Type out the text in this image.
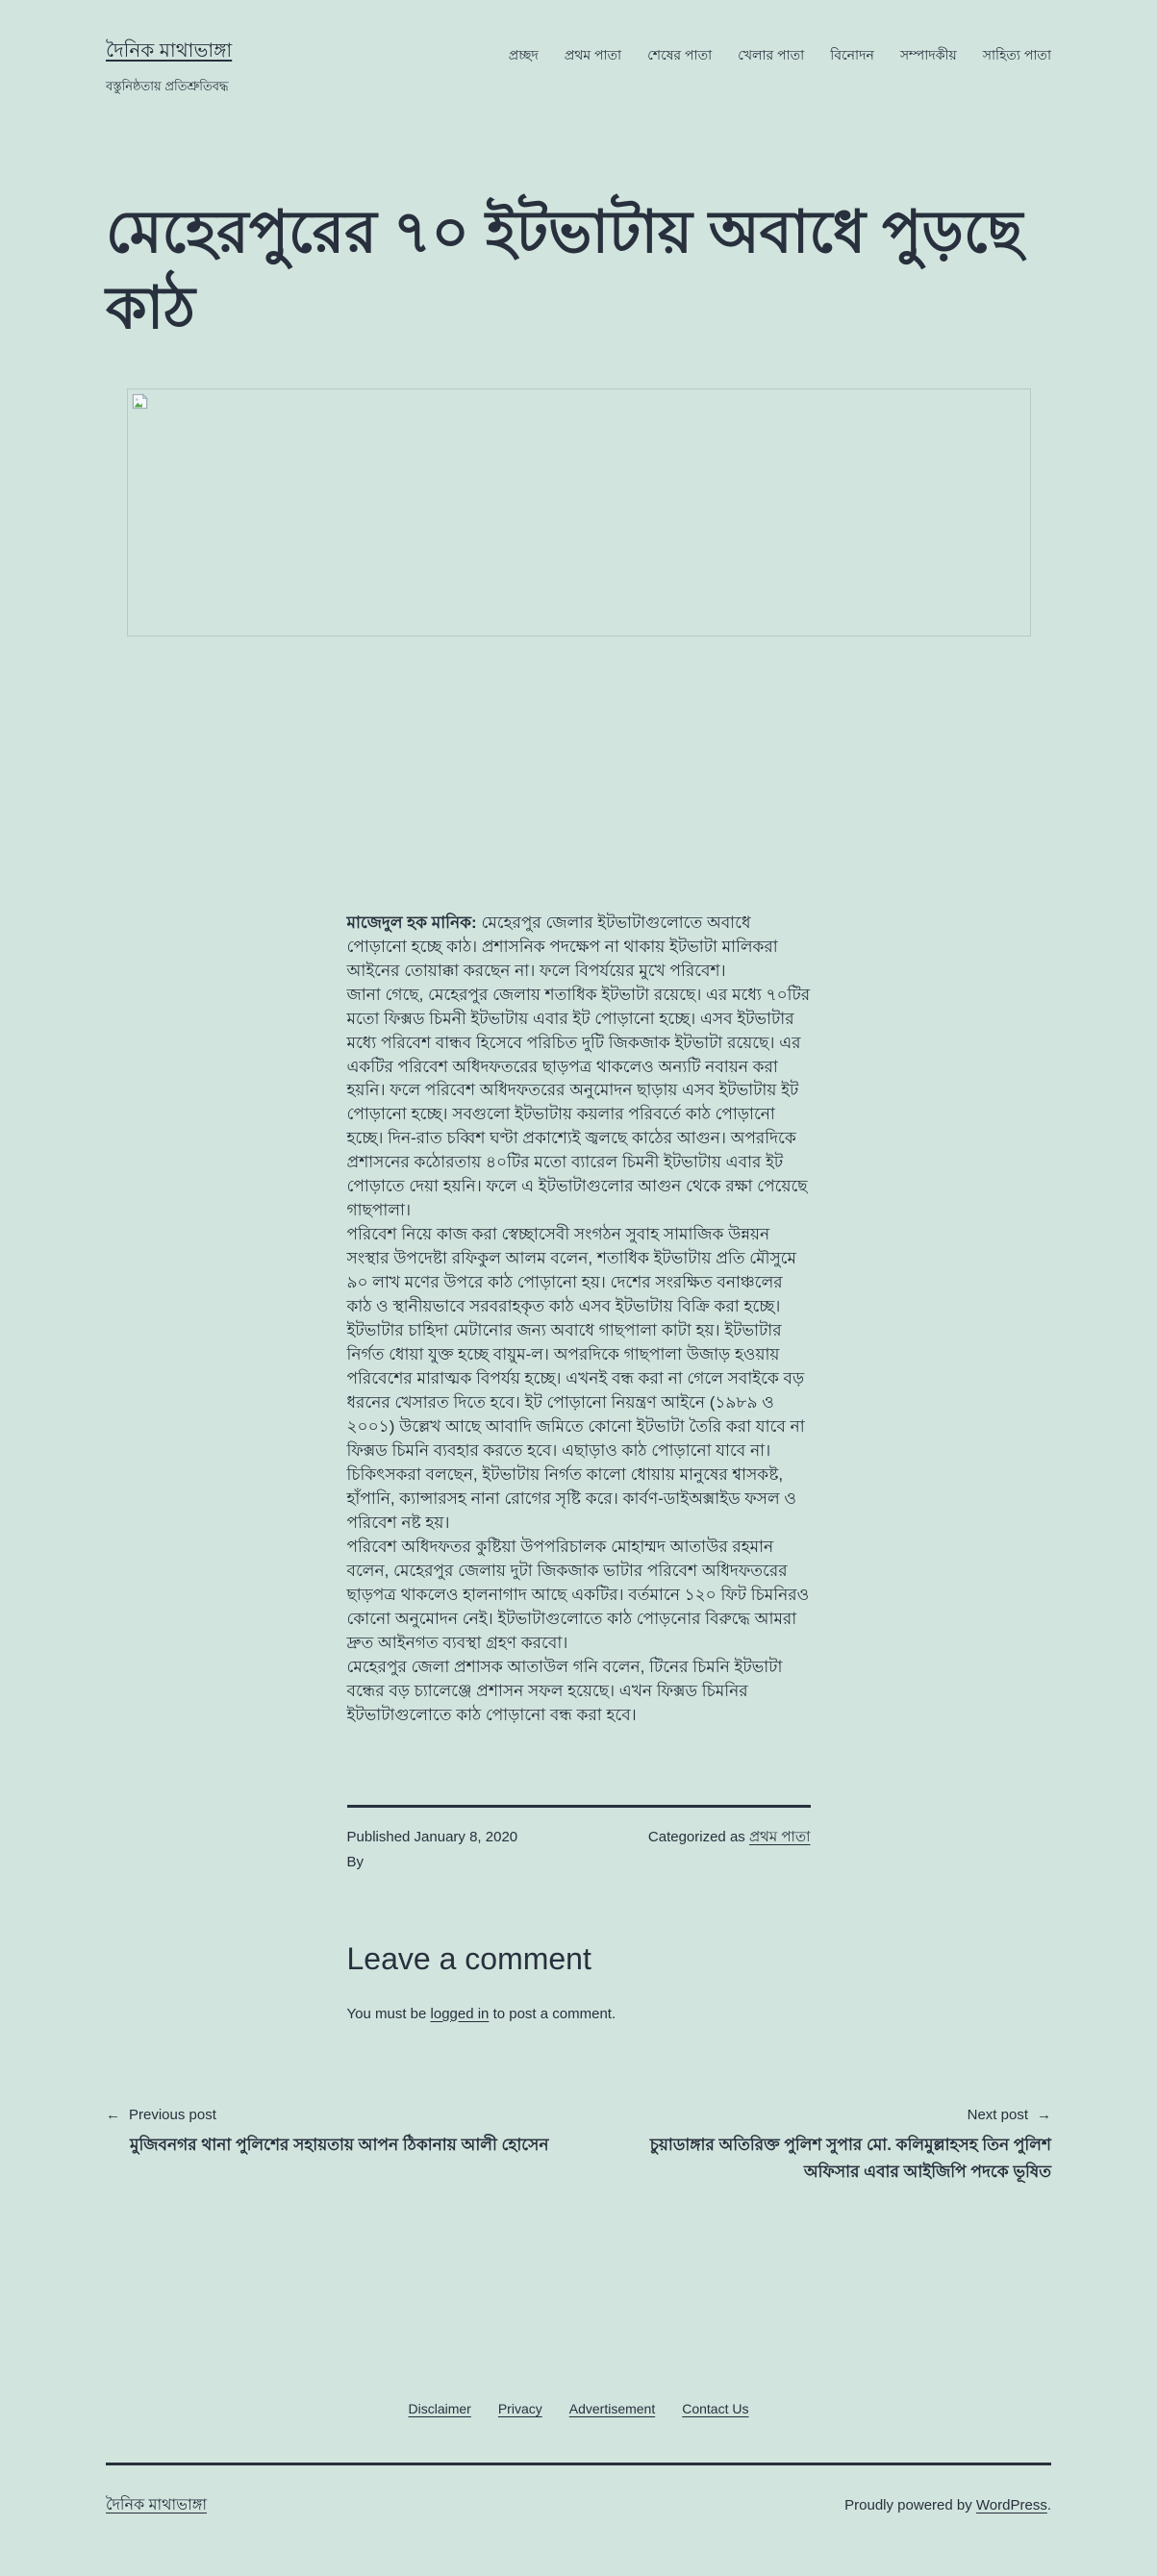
দৈনিক মাথাভাঙ্গা
বস্তুনিষ্ঠতায় প্রতিশ্রুতিবদ্ধ
প্রচ্ছদ প্রথম পাতা শেষের পাতা খেলার পাতা বিনোদন সম্পাদকীয় সাহিত্য পাতা
মেহেরপুরের ৭০ ইটভাটায় অবাধে পুড়ছে কাঠ

মাজেদুল হক মানিক: মেহেরপুর জেলার ইটভাটাগুলোতে অবাধে পোড়ানো হচ্ছে কাঠ। প্রশাসনিক পদক্ষেপ না থাকায় ইটভাটা মালিকরা আইনের তোয়াক্কা করছেন না। ফলে বিপর্যয়ের মুখে পরিবেশ।

জানা গেছে, মেহেরপুর জেলায় শতাধিক ইটভাটা রয়েছে। এর মধ্যে ৭০টির মতো ফিক্সড চিমনী ইটভাটায় এবার ইট পোড়ানো হচ্ছে। এসব ইটভাটার মধ্যে পরিবেশ বান্ধব হিসেবে পরিচিত দুটি জিকজাক ইটভাটা রয়েছে। এর একটির পরিবেশ অধিদফতরের ছাড়পত্র থাকলেও অন্যটি নবায়ন করা হয়নি। ফলে পরিবেশ অধিদফতরের অনুমোদন ছাড়ায় এসব ইটভাটায় ইট পোড়ানো হচ্ছে। সবগুলো ইটভাটায় কয়লার পরিবর্তে কাঠ পোড়ানো হচ্ছে। দিন-রাত চব্বিশ ঘণ্টা প্রকাশ্যেই জ্বলছে কাঠের আগুন। অপরদিকে প্রশাসনের কঠোরতায় ৪০টির মতো ব্যারেল চিমনী ইটভাটায় এবার ইট পোড়াতে দেয়া হয়নি। ফলে এ ইটভাটাগুলোর আগুন থেকে রক্ষা পেয়েছে গাছপালা।

পরিবেশ নিয়ে কাজ করা স্বেচ্ছাসেবী সংগঠন সুবাহ সামাজিক উন্নয়ন সংস্থার উপদেষ্টা রফিকুল আলম বলেন, শতাধিক ইটভাটায় প্রতি মৌসুমে ৯০ লাখ মণের উপরে কাঠ পোড়ানো হয়। দেশের সংরক্ষিত বনাঞ্চলের কাঠ ও স্থানীয়ভাবে সরবরাহকৃত কাঠ এসব ইটভাটায় বিক্রি করা হচ্ছে। ইটভাটার চাহিদা মেটানোর জন্য অবাধে গাছপালা কাটা হয়। ইটভাটার নির্গত ধোয়া যুক্ত হচ্ছে বায়ুম-ল। অপরদিকে গাছপালা উজাড় হওয়ায় পরিবেশের মারাত্মক বিপর্যয় হচ্ছে। এখনই বন্ধ করা না গেলে সবাইকে বড় ধরনের খেসারত দিতে হবে। ইট পোড়ানো নিয়ন্ত্রণ আইনে (১৯৮৯ ও ২০০১) উল্লেখ আছে আবাদি জমিতে কোনো ইটভাটা তৈরি করা যাবে না ফিক্সড চিমনি ব্যবহার করতে হবে। এছাড়াও কাঠ পোড়ানো যাবে না।

চিকিৎসকরা বলছেন, ইটভাটায় নির্গত কালো ধোয়ায় মানুষের শ্বাসকষ্ট, হাঁপানি, ক্যান্সারসহ নানা রোগের সৃষ্টি করে। কার্বণ-ডাইঅক্সাইড ফসল ও পরিবেশ নষ্ট হয়।

পরিবেশ অধিদফতর কুষ্টিয়া উপপরিচালক মোহাম্মদ আতাউর রহমান বলেন, মেহেরপুর জেলায় দুটা জিকজাক ভাটার পরিবেশ অধিদফতরের ছাড়পত্র থাকলেও হালনাগাদ আছে একটির। বর্তমানে ১২০ ফিট চিমনিরও কোনো অনুমোদন নেই। ইটভাটাগুলোতে কাঠ পোড়নোর বিরুদ্ধে আমরা দ্রুত আইনগত ব্যবস্থা গ্রহণ করবো।

মেহেরপুর জেলা প্রশাসক আতাউল গনি বলেন, টিনের চিমনি ইটভাটা বন্ধের বড় চ্যালেঞ্জে প্রশাসন সফল হয়েছে। এখন ফিক্সড চিমনির ইটভাটাগুলোতে কাঠ পোড়ানো বন্ধ করা হবে।

Published January 8, 2020
By
Categorized as প্রথম পাতা
Leave a comment

You must be logged in to post a comment.

← Previous post
মুজিবনগর থানা পুলিশের সহায়তায় আপন ঠিকানায় আলী হোসেন
Next post →
চুয়াডাঙ্গার অতিরিক্ত পুলিশ সুপার মো. কলিমুল্লাহসহ তিন পুলিশ অফিসার এবার আইজিপি পদকে ভূষিত
Disclaimer Privacy Advertisement Contact Us
দৈনিক মাথাভাঙ্গা	Proudly powered by WordPress.
